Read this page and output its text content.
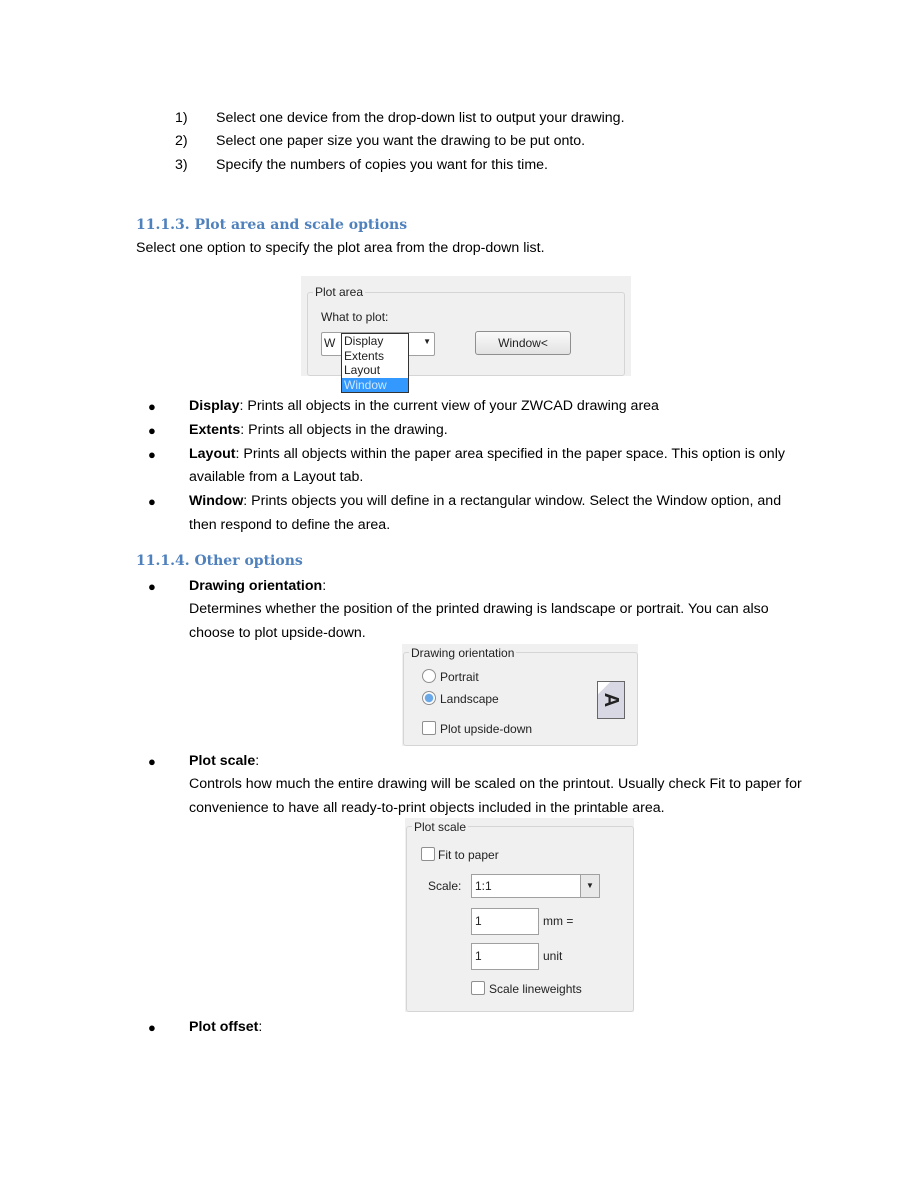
1) Select one device from the drop-down list to output your drawing.
2) Select one paper size you want the drawing to be put onto.
3) Specify the numbers of copies you want for this time.
11.1.3. Plot area and scale options
Select one option to specify the plot area from the drop-down list.
Plot area
What to plot:
W	▼
Display
Extents
Layout
Window
Window<
● Display: Prints all objects in the current view of your ZWCAD drawing area
● Extents: Prints all objects in the drawing.
● Layout: Prints all objects within the paper area specified in the paper space. This option is only
available from a Layout tab.
● Window: Prints objects you will define in a rectangular window. Select the Window option, and
then respond to define the area.
11.1.4. Other options
● Drawing orientation:
Determines whether the position of the printed drawing is landscape or portrait. You can also
choose to plot upside-down.
Drawing orientation
Portrait
Landscape
Plot upside-down
A
● Plot scale:
Controls how much the entire drawing will be scaled on the printout. Usually check Fit to paper for
convenience to have all ready-to-print objects included in the printable area.
Plot scale
Fit to paper
Scale:	1:1	▼
1	mm =
1	unit
Scale lineweights
● Plot offset:
